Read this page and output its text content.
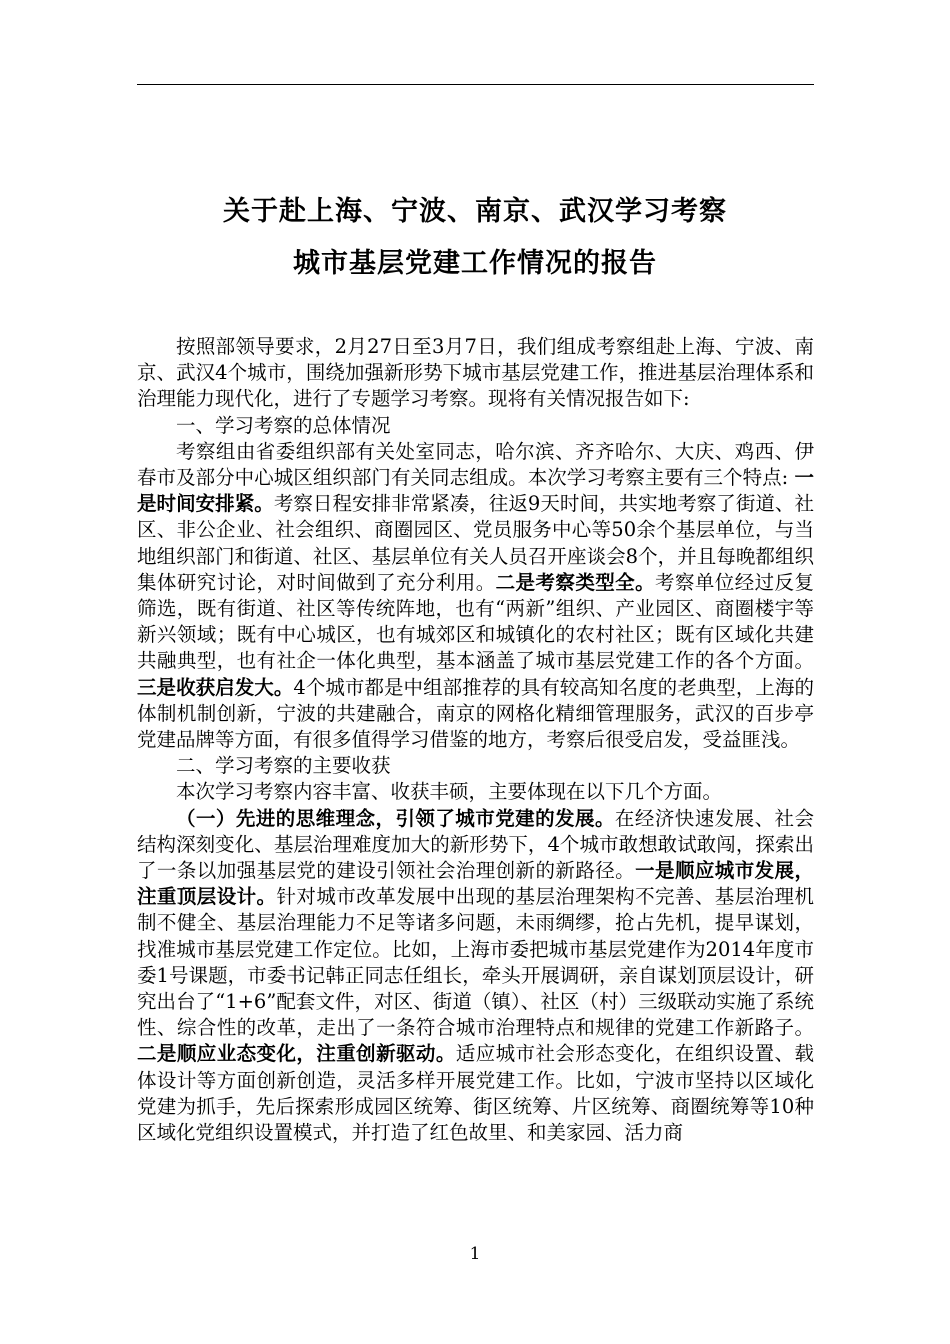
关于赴上海、宁波、南京、武汉学习考察
城市基层党建工作情况的报告

按照部领导要求，2月27日至3月7日，我们组成考察组赴上海、宁波、南京、武汉4个城市，围绕加强新形势下城市基层党建工作，推进基层治理体系和治理能力现代化，进行了专题学习考察。现将有关情况报告如下:

一、学习考察的总体情况

考察组由省委组织部有关处室同志，哈尔滨、齐齐哈尔、大庆、鸡西、伊春市及部分中心城区组织部门有关同志组成。本次学习考察主要有三个特点: 一是时间安排紧。考察日程安排非常紧凑，往返9天时间，共实地考察了街道、社区、非公企业、社会组织、商圈园区、党员服务中心等50余个基层单位，与当地组织部门和街道、社区、基层单位有关人员召开座谈会8个，并且每晚都组织集体研究讨论，对时间做到了充分利用。二是考察类型全。考察单位经过反复筛选，既有街道、社区等传统阵地，也有“两新”组织、产业园区、商圈楼宇等新兴领域；既有中心城区，也有城郊区和城镇化的农村社区；既有区域化共建共融典型，也有社企一体化典型，基本涵盖了城市基层党建工作的各个方面。三是收获启发大。4个城市都是中组部推荐的具有较高知名度的老典型，上海的体制机制创新，宁波的共建融合，南京的网格化精细管理服务，武汉的百步亭党建品牌等方面，有很多值得学习借鉴的地方，考察后很受启发，受益匪浅。

二、学习考察的主要收获

本次学习考察内容丰富、收获丰硕，主要体现在以下几个方面。

（一）先进的思维理念，引领了城市党建的发展。在经济快速发展、社会结构深刻变化、基层治理难度加大的新形势下，4个城市敢想敢试敢闯，探索出了一条以加强基层党的建设引领社会治理创新的新路径。一是顺应城市发展，注重顶层设计。针对城市改革发展中出现的基层治理架构不完善、基层治理机制不健全、基层治理能力不足等诸多问题，未雨绸缪，抢占先机，提早谋划，找准城市基层党建工作定位。比如，上海市委把城市基层党建作为2014年度市委1号课题，市委书记韩正同志任组长，牵头开展调研，亲自谋划顶层设计，研究出台了“1+6”配套文件，对区、街道（镇）、社区（村）三级联动实施了系统性、综合性的改革，走出了一条符合城市治理特点和规律的党建工作新路子。二是顺应业态变化，注重创新驱动。适应城市社会形态变化，在组织设置、载体设计等方面创新创造，灵活多样开展党建工作。比如，宁波市坚持以区域化党建为抓手，先后探索形成园区统筹、街区统筹、片区统筹、商圈统筹等10种区域化党组织设置模式，并打造了红色故里、和美家园、活力商

1
